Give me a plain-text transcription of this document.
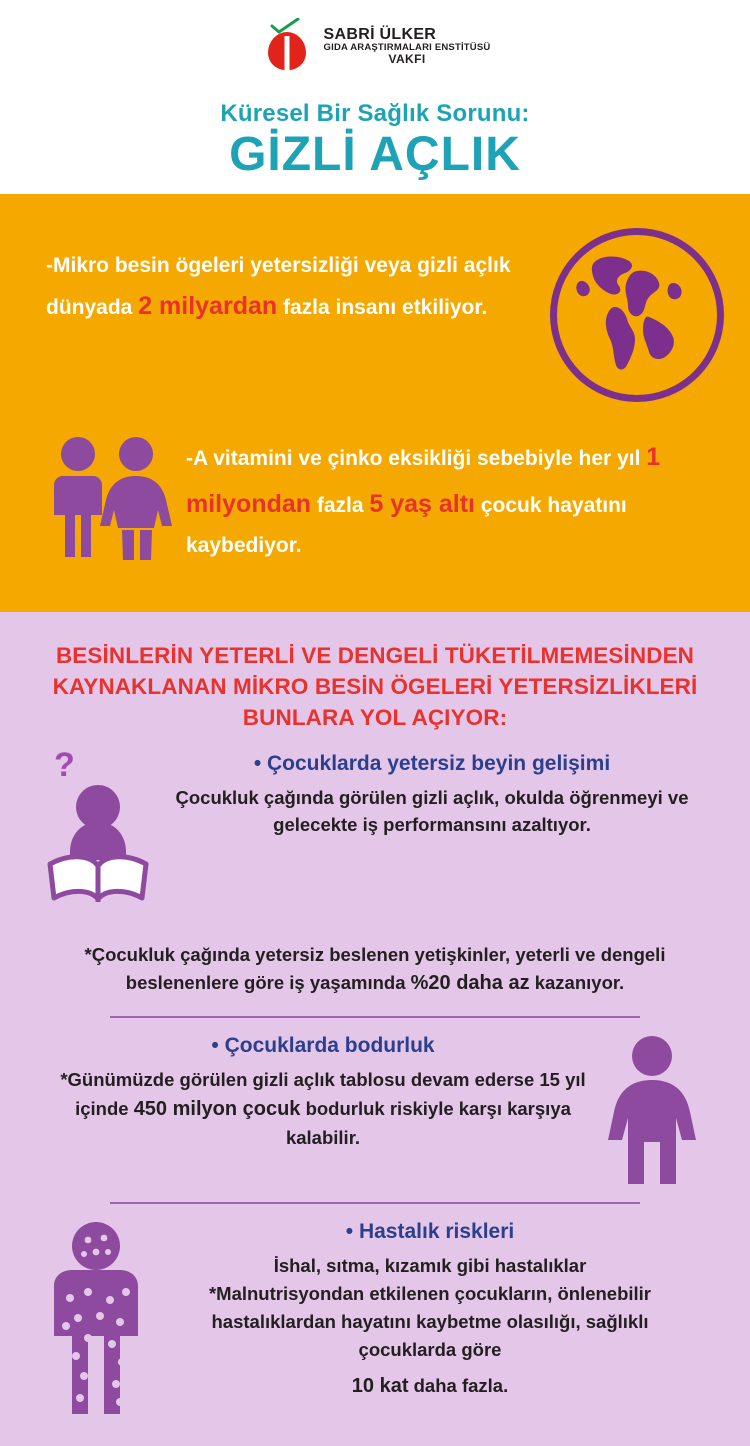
SABRİ ÜLKER
GIDA ARAŞTIRMALARI ENSTİTÜSÜ
VAKFI
Küresel Bir Sağlık Sorunu:
GİZLİ AÇLIK
-Mikro besin ögeleri yetersizliği veya gizli açlık dünyada 2 milyardan fazla insanı etkiliyor.
-A vitamini ve çinko eksikliği sebebiyle her yıl 1 milyondan fazla 5 yaş altı çocuk hayatını kaybediyor.
BESİNLERİN YETERLİ VE DENGELİ TÜKETİLMEMESİNDEN KAYNAKLANAN MİKRO BESİN ÖGELERİ YETERSİZLİKLERİ BUNLARA YOL AÇIYOR:
?	• Çocuklarda yetersiz beyin gelişimi
Çocukluk çağında görülen gizli açlık, okulda öğrenmeyi ve gelecekte iş performansını azaltıyor.
*Çocukluk çağında yetersiz beslenen yetişkinler, yeterli ve dengeli beslenenlere göre iş yaşamında %20 daha az kazanıyor.
• Çocuklarda bodurluk
*Günümüzde görülen gizli açlık tablosu devam ederse 15 yıl içinde 450 milyon çocuk bodurluk riskiyle karşı karşıya kalabilir.
• Hastalık riskleri
İshal, sıtma, kızamık gibi hastalıklar
*Malnutrisyondan etkilenen çocukların, önlenebilir hastalıklardan hayatını kaybetme olasılığı, sağlıklı çocuklarda göre
10 kat daha fazla.
